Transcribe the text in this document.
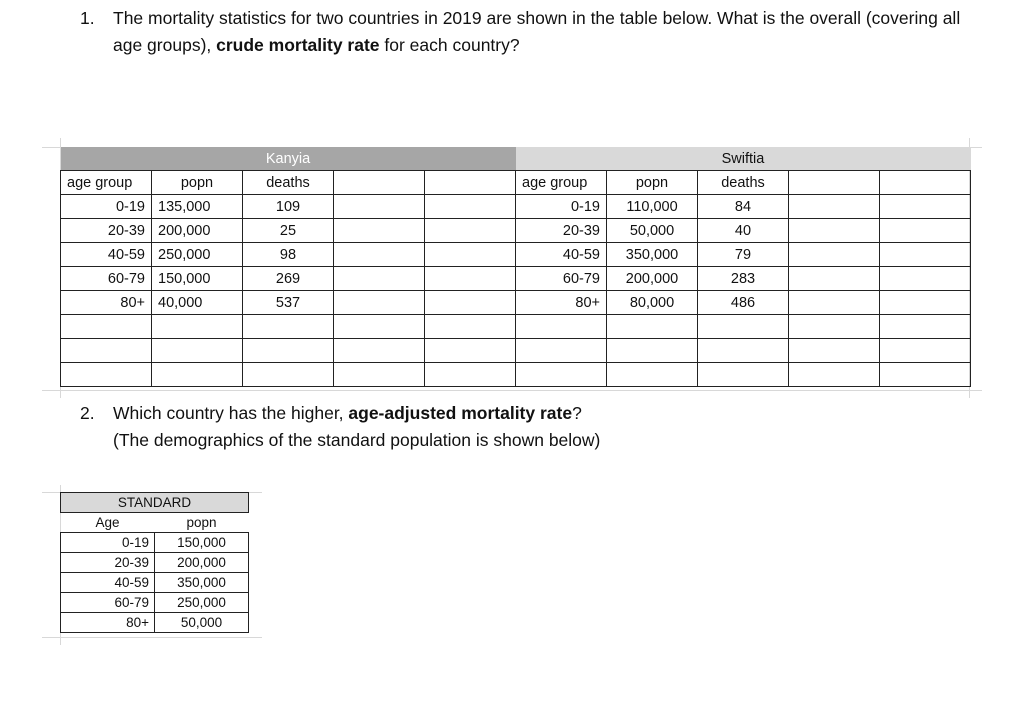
1. The mortality statistics for two countries in 2019 are shown in the table below. What is the overall (covering all age groups), crude mortality rate for each country?
		Kanyia					Swiftia		
age group	popn	deaths			age group	popn	deaths		
0-19	135,000	109			0-19	110,000	84		
20-39	200,000	25			20-39	50,000	40		
40-59	250,000	98			40-59	350,000	79		
60-79	150,000	269			60-79	200,000	283		
80+	40,000	537			80+	80,000	486		

2. Which country has the higher, age-adjusted mortality rate?
(The demographics of the standard population is shown below)
STANDARD	
Age	popn
0-19	150,000
20-39	200,000
40-59	350,000
60-79	250,000
80+	50,000
